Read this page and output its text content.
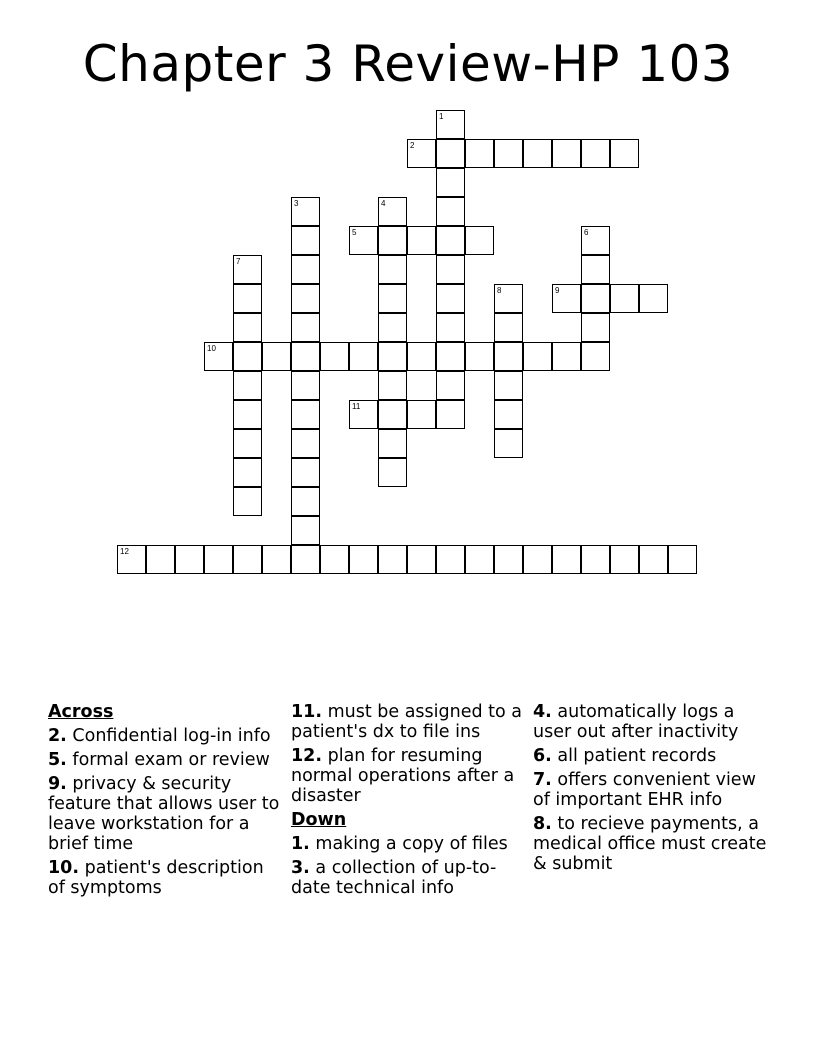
Chapter 3 Review-HP 103
1
2
3	4
5	6
7
8	9
10
11
12
Across
2. Confidential log-in info
5. formal exam or review
9. privacy & security feature that allows user to leave workstation for a brief time
10. patient's description of symptoms
11. must be assigned to a patient's dx to file ins
12. plan for resuming normal operations after a disaster
Down
1. making a copy of files
3. a collection of up-to-date technical info
4. automatically logs a user out after inactivity
6. all patient records
7. offers convenient view of important EHR info
8. to recieve payments, a medical office must create & submit
